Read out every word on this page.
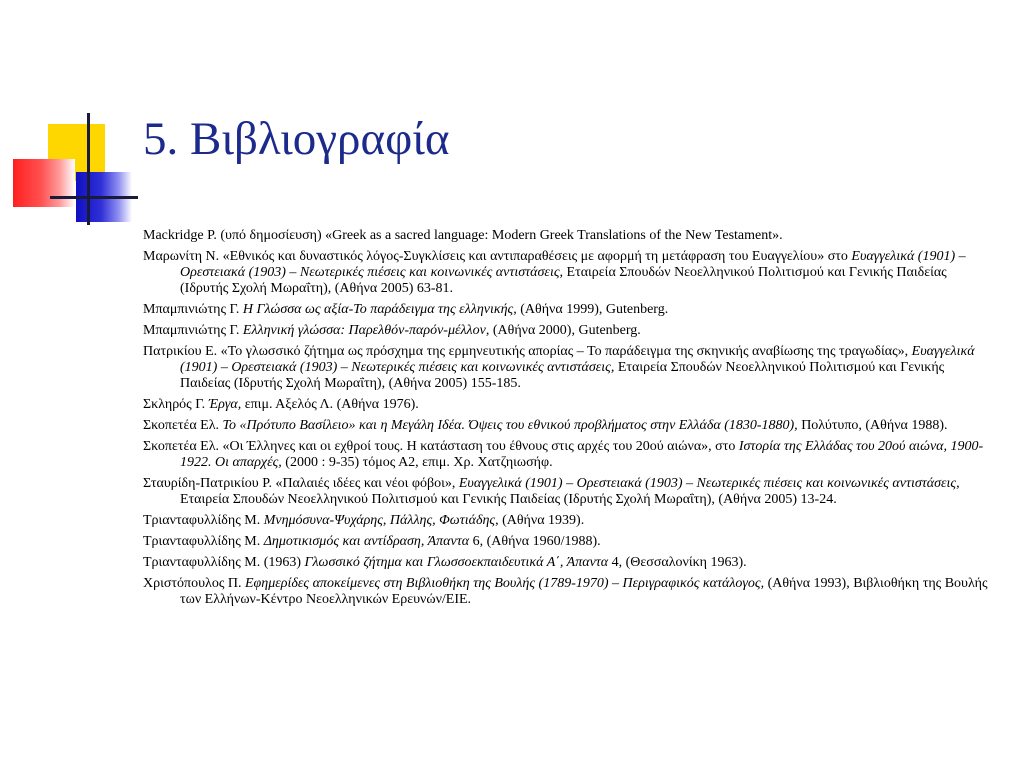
5. Βιβλιογραφία
Mackridge P. (υπό δημοσίευση) «Greek as a sacred language: Modern Greek Translations of the New Testament».
Μαρωνίτη Ν. «Εθνικός και δυναστικός λόγος-Συγκλίσεις και αντιπαραθέσεις με αφορμή τη μετάφραση του Ευαγγελίου» στο Ευαγγελικά (1901) – Ορεστειακά (1903) – Νεωτερικές πιέσεις και κοινωνικές αντιστάσεις, Εταιρεία Σπουδών Νεοελληνικού Πολιτισμού και Γενικής Παιδείας (Ιδρυτής Σχολή Μωραΐτη), (Αθήνα 2005) 63-81.
Μπαμπινιώτης Γ. Η Γλώσσα ως αξία-Το παράδειγμα της ελληνικής, (Αθήνα 1999), Gutenberg.
Μπαμπινιώτης Γ. Ελληνική γλώσσα: Παρελθόν-παρόν-μέλλον, (Αθήνα 2000), Gutenberg.
Πατρικίου Ε. «Το γλωσσικό ζήτημα ως πρόσχημα της ερμηνευτικής απορίας – Το παράδειγμα της σκηνικής αναβίωσης της τραγωδίας», Ευαγγελικά (1901) – Ορεστειακά (1903) – Νεωτερικές πιέσεις και κοινωνικές αντιστάσεις, Εταιρεία Σπουδών Νεοελληνικού Πολιτισμού και Γενικής Παιδείας (Ιδρυτής Σχολή Μωραΐτη), (Αθήνα 2005) 155-185.
Σκληρός Γ. Έργα, επιμ. Αξελός Λ. (Αθήνα 1976).
Σκοπετέα Ελ. Το «Πρότυπο Βασίλειο» και η Μεγάλη Ιδέα. Όψεις του εθνικού προβλήματος στην Ελλάδα (1830-1880), Πολύτυπο, (Αθήνα 1988).
Σκοπετέα Ελ. «Οι Έλληνες και οι εχθροί τους. Η κατάσταση του έθνους στις αρχές του 20ού αιώνα», στο Ιστορία της Ελλάδας του 20ού αιώνα, 1900-1922. Οι απαρχές, (2000 : 9-35) τόμος Α2, επιμ. Χρ. Χατζηιωσήφ.
Σταυρίδη-Πατρικίου Ρ. «Παλαιές ιδέες και νέοι φόβοι», Ευαγγελικά (1901) – Ορεστειακά (1903) – Νεωτερικές πιέσεις και κοινωνικές αντιστάσεις, Εταιρεία Σπουδών Νεοελληνικού Πολιτισμού και Γενικής Παιδείας (Ιδρυτής Σχολή Μωραΐτη), (Αθήνα 2005) 13-24.
Τριανταφυλλίδης Μ. Μνημόσυνα-Ψυχάρης, Πάλλης, Φωτιάδης, (Αθήνα 1939).
Τριανταφυλλίδης Μ. Δημοτικισμός και αντίδραση, Άπαντα 6, (Αθήνα 1960/1988).
Τριανταφυλλίδης Μ. (1963) Γλωσσικό ζήτημα και Γλωσσοεκπαιδευτικά Α΄, Άπαντα 4, (Θεσσαλονίκη 1963).
Χριστόπουλος Π. Εφημερίδες αποκείμενες στη Βιβλιοθήκη της Βουλής (1789-1970) – Περιγραφικός κατάλογος, (Αθήνα 1993), Βιβλιοθήκη της Βουλής των Ελλήνων-Κέντρο Νεοελληνικών Ερευνών/ΕΙΕ.
